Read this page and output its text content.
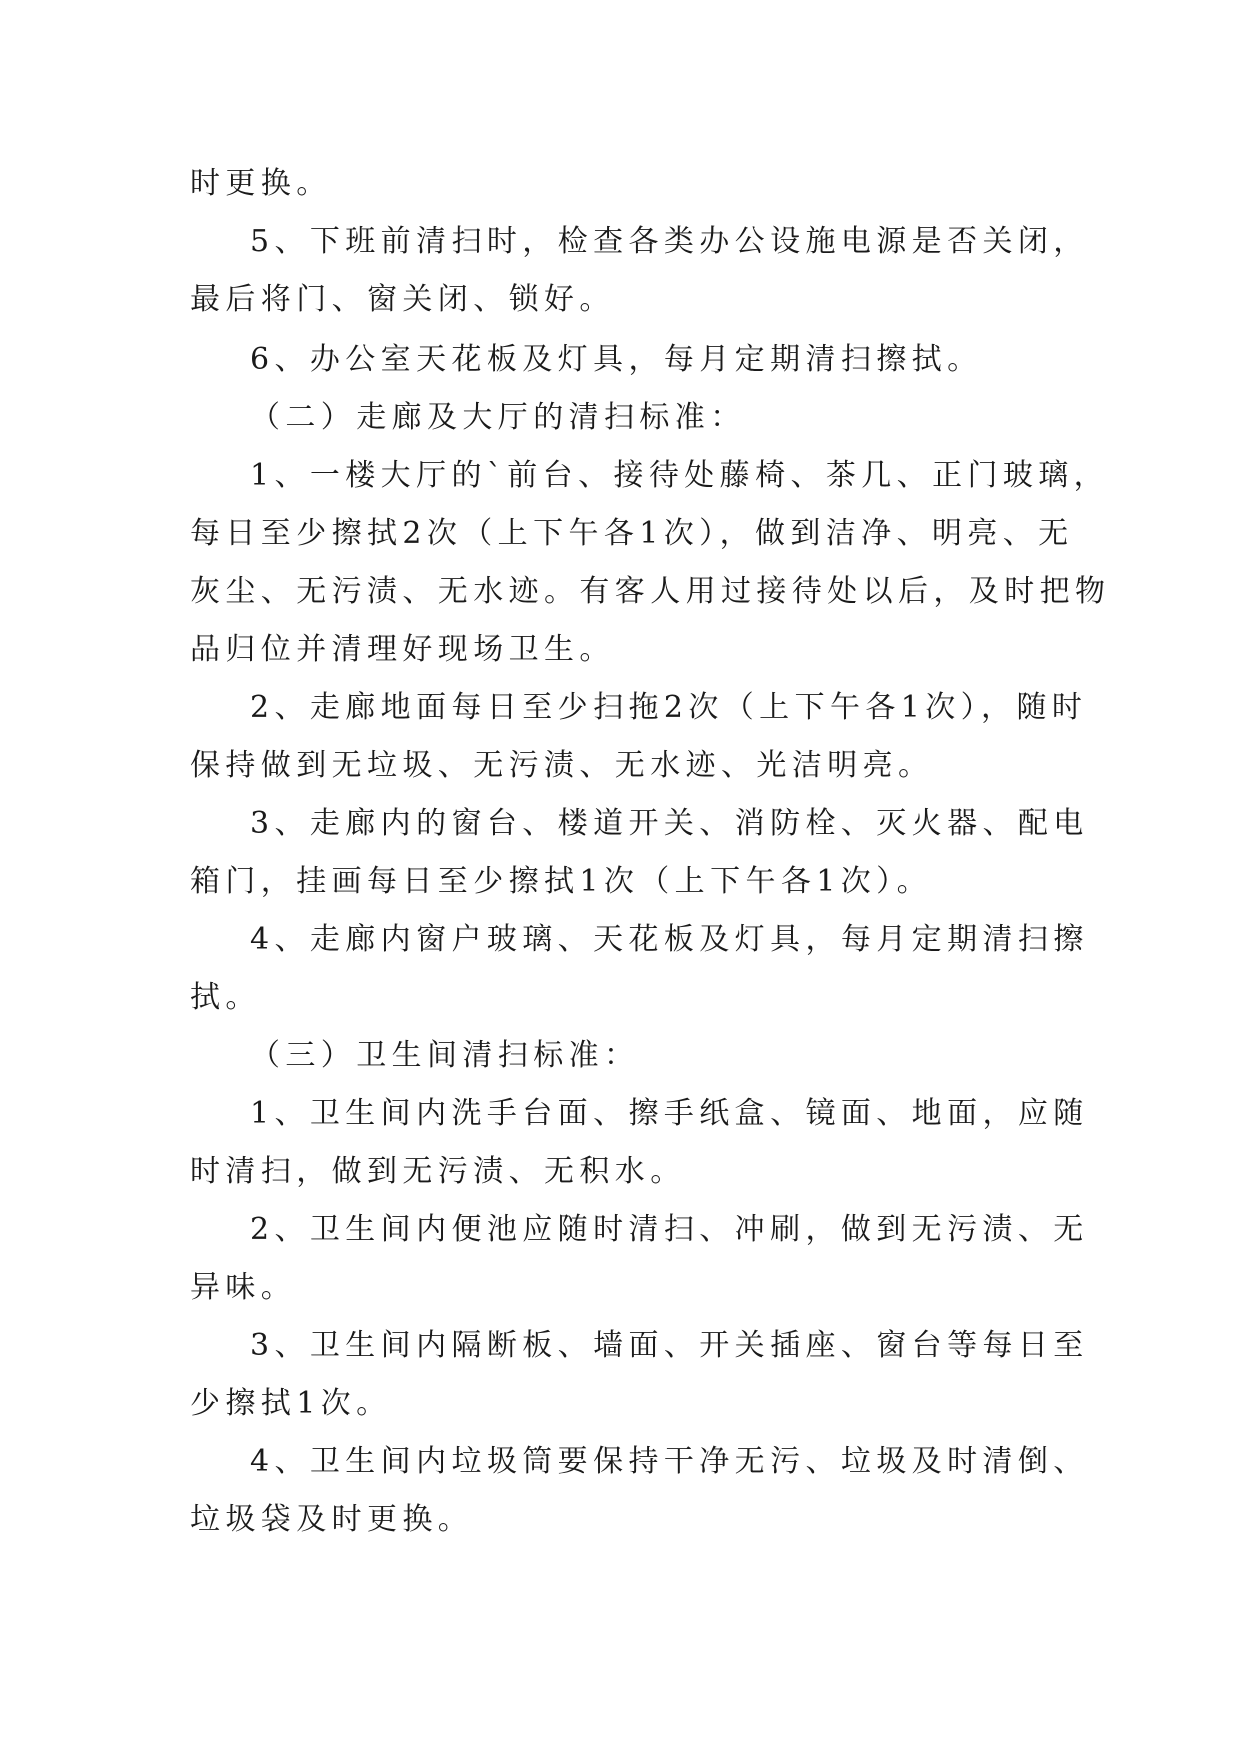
时更换。
5、下班前清扫时，检查各类办公设施电源是否关闭，
最后将门、窗关闭、锁好。
6、办公室天花板及灯具，每月定期清扫擦拭。
（二）走廊及大厅的清扫标准：
1、一楼大厅的`前台、接待处藤椅、茶几、正门玻璃，
每日至少擦拭2次（上下午各1次），做到洁净、明亮、无
灰尘、无污渍、无水迹。有客人用过接待处以后，及时把物
品归位并清理好现场卫生。
2、走廊地面每日至少扫拖2次（上下午各1次），随时
保持做到无垃圾、无污渍、无水迹、光洁明亮。
3、走廊内的窗台、楼道开关、消防栓、灭火器、配电
箱门，挂画每日至少擦拭1次（上下午各1次）。
4、走廊内窗户玻璃、天花板及灯具，每月定期清扫擦
拭。
（三）卫生间清扫标准：
1、卫生间内洗手台面、擦手纸盒、镜面、地面，应随
时清扫，做到无污渍、无积水。
2、卫生间内便池应随时清扫、冲刷，做到无污渍、无
异味。
3、卫生间内隔断板、墙面、开关插座、窗台等每日至
少擦拭1次。
4、卫生间内垃圾筒要保持干净无污、垃圾及时清倒、
垃圾袋及时更换。
